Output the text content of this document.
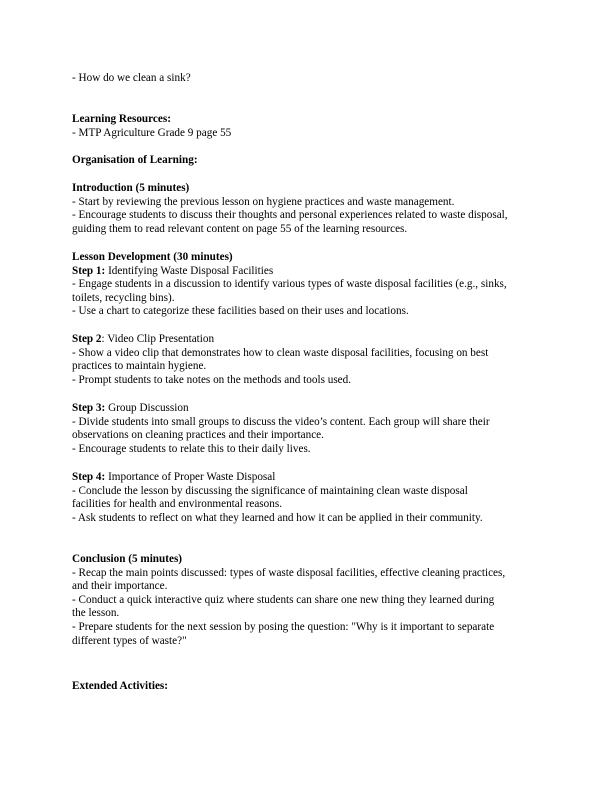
- How do we clean a sink?
Learning Resources:
- MTP Agriculture Grade 9 page 55
Organisation of Learning:
Introduction (5 minutes)
- Start by reviewing the previous lesson on hygiene practices and waste management.
- Encourage students to discuss their thoughts and personal experiences related to waste disposal,
guiding them to read relevant content on page 55 of the learning resources.
Lesson Development (30 minutes)
Step 1: Identifying Waste Disposal Facilities
- Engage students in a discussion to identify various types of waste disposal facilities (e.g., sinks,
toilets, recycling bins).
- Use a chart to categorize these facilities based on their uses and locations.
Step 2: Video Clip Presentation
- Show a video clip that demonstrates how to clean waste disposal facilities, focusing on best
practices to maintain hygiene.
- Prompt students to take notes on the methods and tools used.
Step 3: Group Discussion
- Divide students into small groups to discuss the video’s content. Each group will share their
observations on cleaning practices and their importance.
- Encourage students to relate this to their daily lives.
Step 4: Importance of Proper Waste Disposal
- Conclude the lesson by discussing the significance of maintaining clean waste disposal
facilities for health and environmental reasons.
- Ask students to reflect on what they learned and how it can be applied in their community.
Conclusion (5 minutes)
- Recap the main points discussed: types of waste disposal facilities, effective cleaning practices,
and their importance.
- Conduct a quick interactive quiz where students can share one new thing they learned during
the lesson.
- Prepare students for the next session by posing the question: "Why is it important to separate
different types of waste?"
Extended Activities:
